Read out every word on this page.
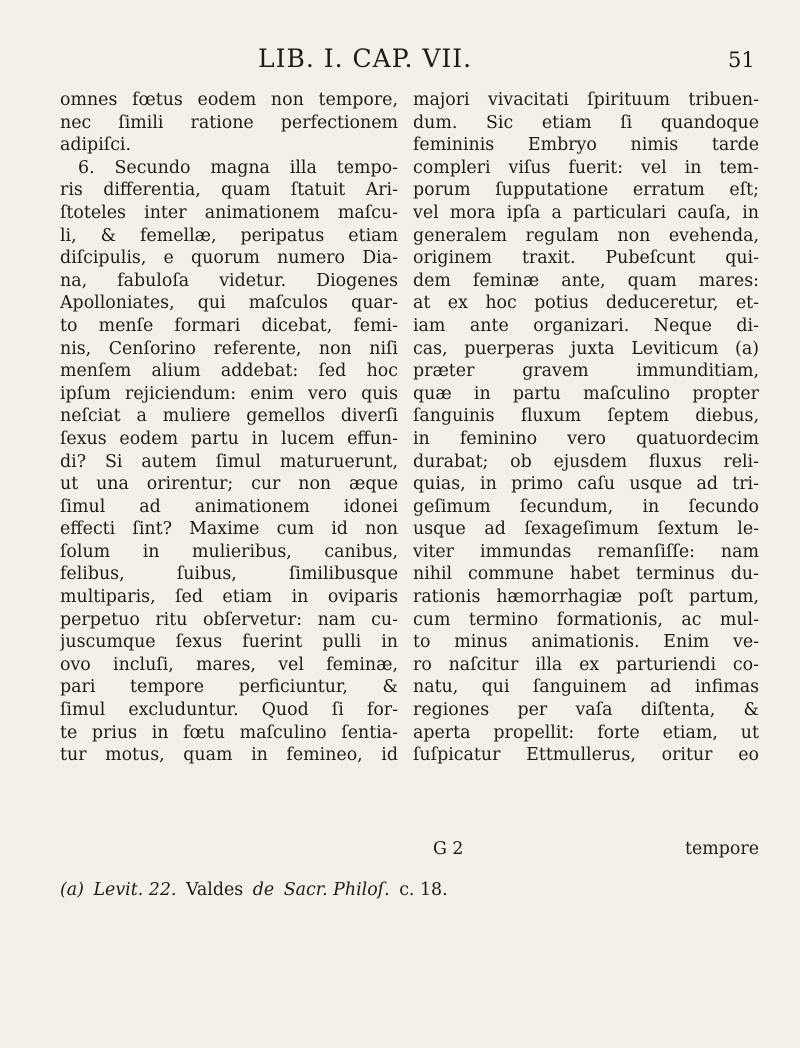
LIB. I. CAP. VII.	51
omnes fœtus eodem non tempore,
nec ſimili ratione perfectionem
adipiſci.
6. Secundo magna illa tempo-
ris differentia, quam ſtatuit Ari-
ſtoteles inter animationem maſcu-
li, & femellæ, peripatus etiam
diſcipulis, e quorum numero Dia-
na, fabuloſa videtur. Diogenes
Apolloniates, qui maſculos quar-
to menſe formari dicebat, femi-
nis, Cenſorino referente, non niſi
menſem alium addebat: ſed hoc
ipſum rejiciendum: enim vero quis
neſciat a muliere gemellos diverſi
ſexus eodem partu in lucem effun-
di? Si autem ſimul maturuerunt,
ut una orirentur; cur non æque
ſimul ad animationem idonei
effecti ſint? Maxime cum id non
ſolum in mulieribus, canibus,
felibus, ſuibus, ſimilibusque
multiparis, ſed etiam in oviparis
perpetuo ritu obſervetur: nam cu-
juscumque ſexus fuerint pulli in
ovo incluſi, mares, vel feminæ,
pari tempore perficiuntur, &
ſimul excluduntur. Quod ſi for-
te prius in fœtu maſculino ſentia-
tur motus, quam in femineo, id
majori vivacitati ſpirituum tribuen-
dum. Sic etiam ſi quandoque
femininis Embryo nimis tarde
compleri viſus fuerit: vel in tem-
porum ſupputatione erratum eſt;
vel mora ipſa a particulari cauſa, in
generalem regulam non evehenda,
originem traxit. Pubeſcunt qui-
dem feminæ ante, quam mares:
at ex hoc potius deduceretur, et-
iam ante organizari. Neque di-
cas, puerperas juxta Leviticum (a)
præter gravem immunditiam,
quæ in partu maſculino propter
ſanguinis fluxum ſeptem diebus,
in feminino vero quatuordecim
durabat; ob ejusdem fluxus reli-
quias, in primo caſu usque ad tri-
geſimum ſecundum, in ſecundo
usque ad ſexageſimum ſextum le-
viter immundas remanſiſſe: nam
nihil commune habet terminus du-
rationis hæmorrhagiæ poſt partum,
cum termino formationis, ac mul-
to minus animationis. Enim ve-
ro naſcitur illa ex parturiendi co-
natu, qui ſanguinem ad infimas
regiones per vaſa diſtenta, &
aperta propellit: forte etiam, ut
ſuſpicatur Ettmullerus, oritur eo
G 2	tempore
(a) Levit. 22. Valdes de Sacr. Philoſ. c. 18.
